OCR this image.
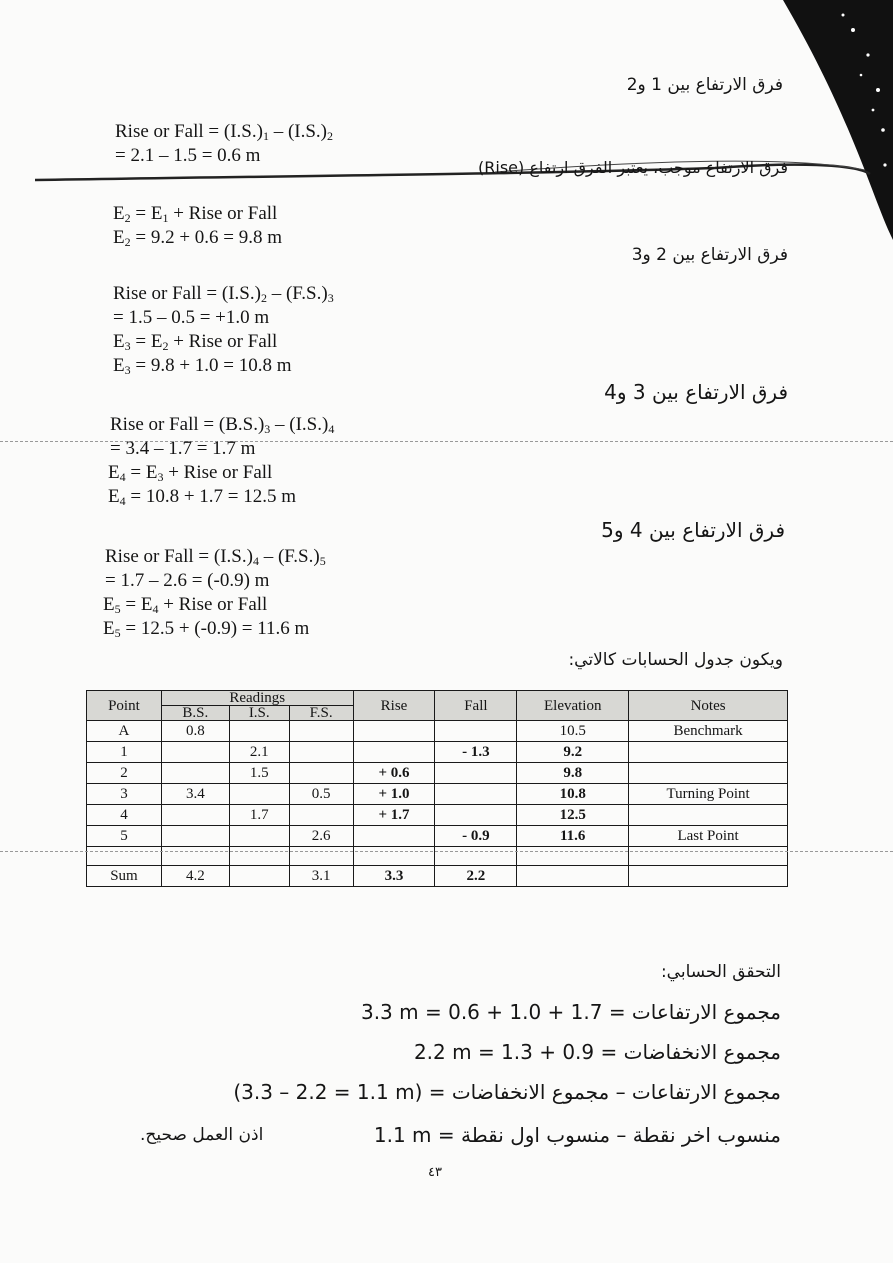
فرق الارتفاع بين 1 و2
Rise or Fall = $(I.S.)_1 - (I.S.)_2$
= 2.1 – 1.5 = 0.6 m
فرق الارتفاع موجب، يعتبر الفرق ارتفاع (Rise)
$E_2 = E_1$ + Rise or Fall
$E_2 = 9.2 + 0.6 = 9.8$ m
فرق الارتفاع بين 2 و3
Rise or Fall = $(I.S.)_2 - (F.S.)_3$
= 1.5 – 0.5 = +1.0 m
$E_3 = E_2$ + Rise or Fall
$E_3 = 9.8 + 1.0 = 10.8$ m
فرق الارتفاع بين 3 و4
Rise or Fall = $(B.S.)_3 - (I.S.)_4$
= 3.4 – 1.7 = 1.7 m
$E_4 = E_3$ + Rise or Fall
$E_4 = 10.8 + 1.7 = 12.5$ m
فرق الارتفاع بين 4 و5
Rise or Fall = $(I.S.)_4 - (F.S.)_5$
= 1.7 – 2.6 = (-0.9) m
$E_5 = E_4$ + Rise or Fall
$E_5 = 12.5 + (-0.9) = 11.6$ m
ويكون جدول الحسابات كالاتي:
Point	Readings			Rise	Fall	Elevation	Notes
	B.S.	I.S.	F.S.				
A	0.8					10.5	Benchmark
1		2.1			- 1.3	9.2	
2		1.5		+ 0.6		9.8	
3	3.4		0.5	+ 1.0		10.8	Turning Point
4		1.7		+ 1.7		12.5	
5			2.6		- 0.9	11.6	Last Point

Sum	4.2		3.1	3.3	2.2		
التحقق الحسابي:
مجموع الارتفاعات = 3.3 m = 0.6 + 1.0 + 1.7
مجموع الانخفاضات = 2.2 m = 1.3 + 0.9
مجموع الارتفاعات – مجموع الانخفاضات = (3.3 – 2.2 = 1.1 m)
منسوب اخر نقطة – منسوب اول نقطة = 1.1 m
اذن العمل صحيح.
٤٣
